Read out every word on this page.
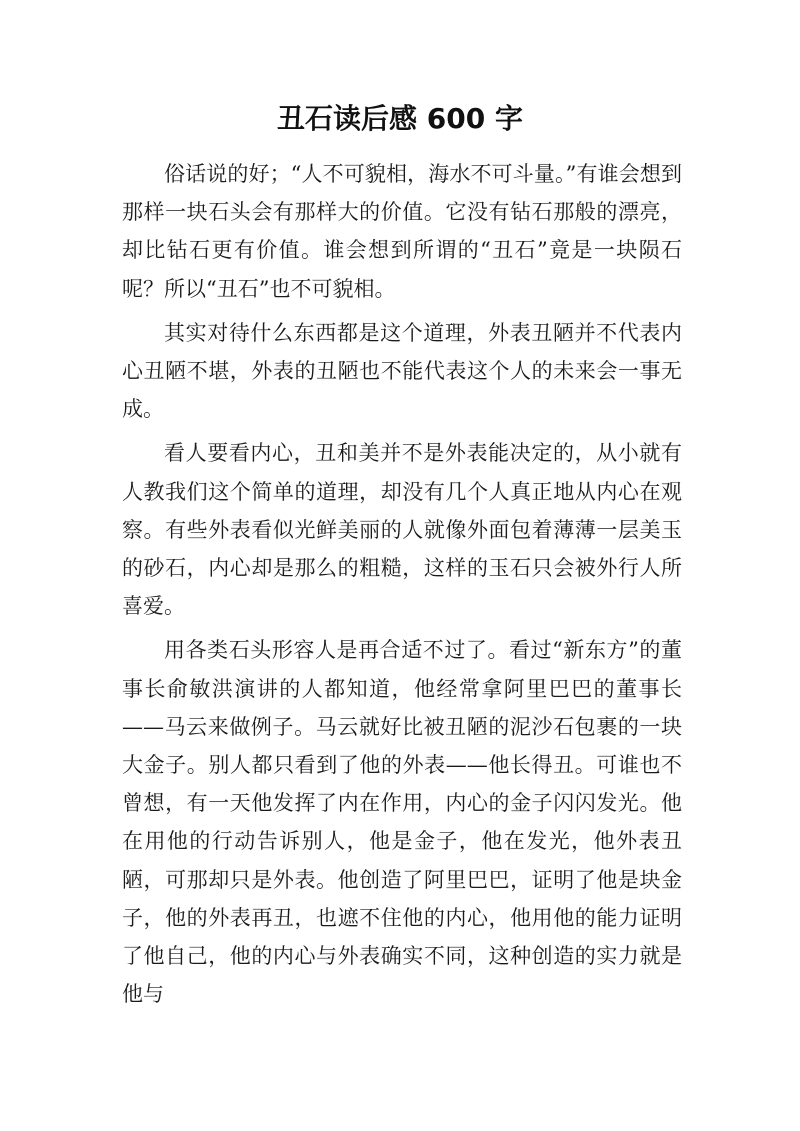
丑石读后感 600 字

俗话说的好；“人不可貌相，海水不可斗量。”有谁会想到那样一块石头会有那样大的价值。它没有钻石那般的漂亮，却比钻石更有价值。谁会想到所谓的“丑石”竟是一块陨石呢？所以“丑石”也不可貌相。

其实对待什么东西都是这个道理，外表丑陋并不代表内心丑陋不堪，外表的丑陋也不能代表这个人的未来会一事无成。

看人要看内心，丑和美并不是外表能决定的，从小就有人教我们这个简单的道理，却没有几个人真正地从内心在观察。有些外表看似光鲜美丽的人就像外面包着薄薄一层美玉的砂石，内心却是那么的粗糙，这样的玉石只会被外行人所喜爱。

用各类石头形容人是再合适不过了。看过“新东方”的董事长俞敏洪演讲的人都知道，他经常拿阿里巴巴的董事长——马云来做例子。马云就好比被丑陋的泥沙石包裹的一块大金子。别人都只看到了他的外表——他长得丑。可谁也不曾想，有一天他发挥了内在作用，内心的金子闪闪发光。他在用他的行动告诉别人，他是金子，他在发光，他外表丑陋，可那却只是外表。他创造了阿里巴巴，证明了他是块金子，他的外表再丑，也遮不住他的内心，他用他的能力证明了他自己，他的内心与外表确实不同，这种创造的实力就是他与
